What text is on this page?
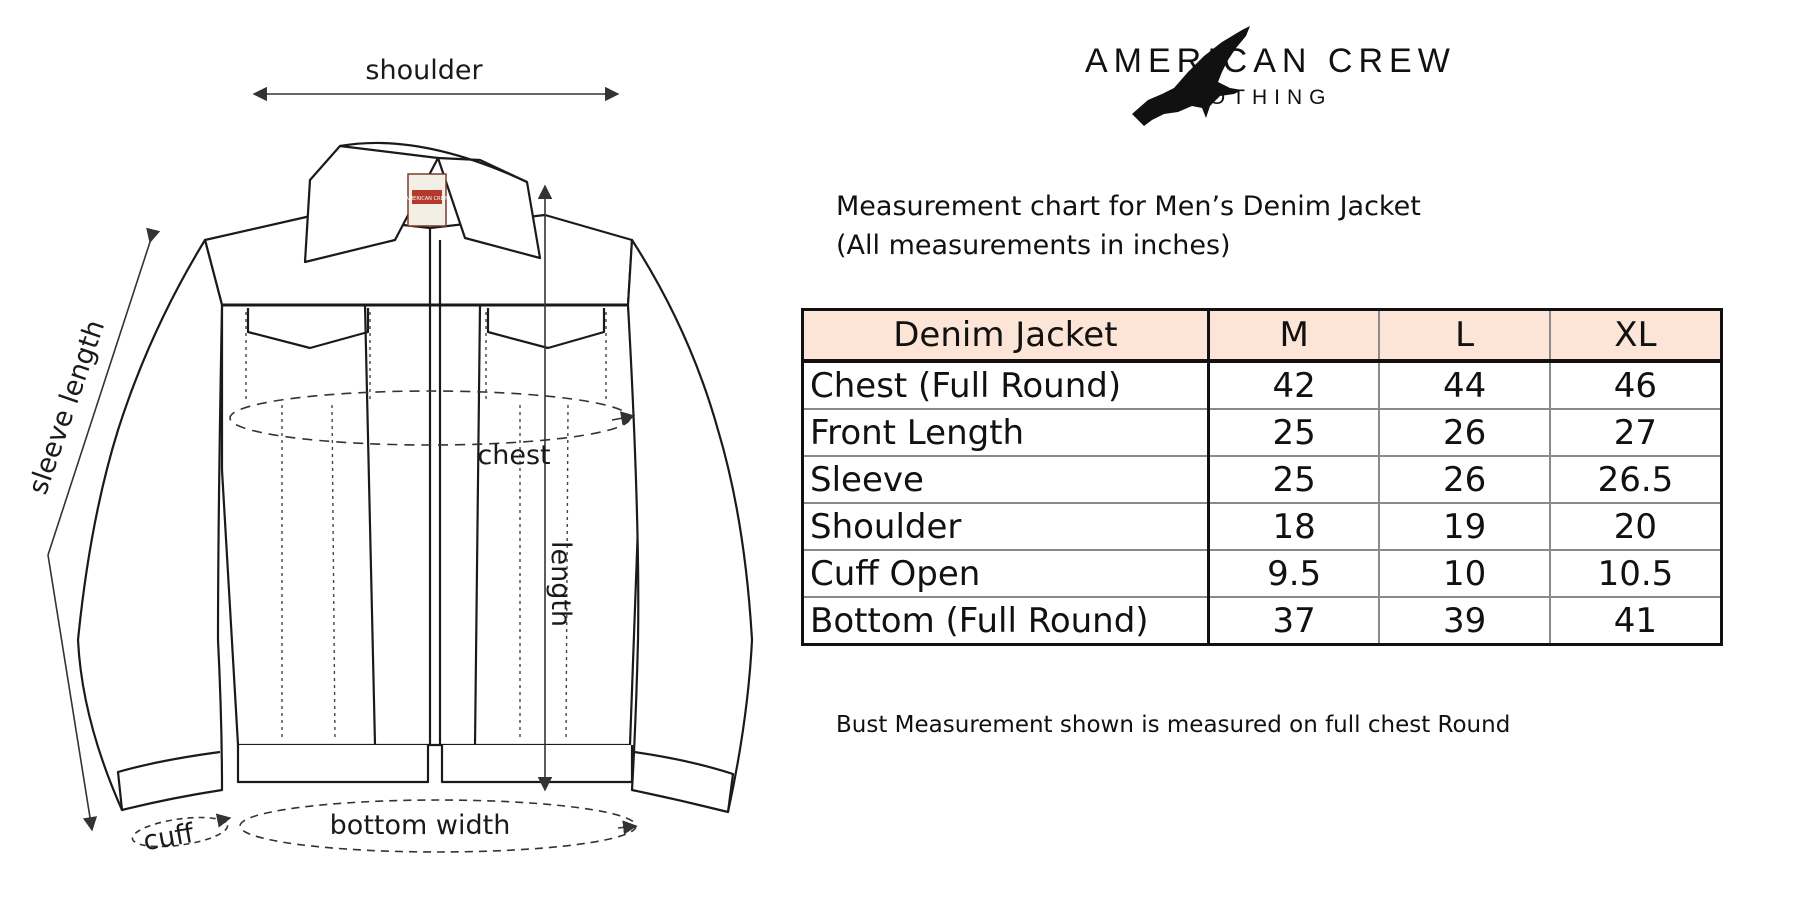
AMERICAN CREW
shoulder
sleeve length	chest
length
cuff	bottom width
AMERICAN CREW
CLOTHING
Measurement chart for Men’s Denim Jacket
(All measurements in inches)
Denim Jacket	M	L	XL
Chest (Full Round)	42	44	46
Front Length	25	26	27
Sleeve	25	26	26.5
Shoulder	18	19	20
Cuff Open	9.5	10	10.5
Bottom (Full Round)	37	39	41
Bust Measurement shown is measured on full chest Round
